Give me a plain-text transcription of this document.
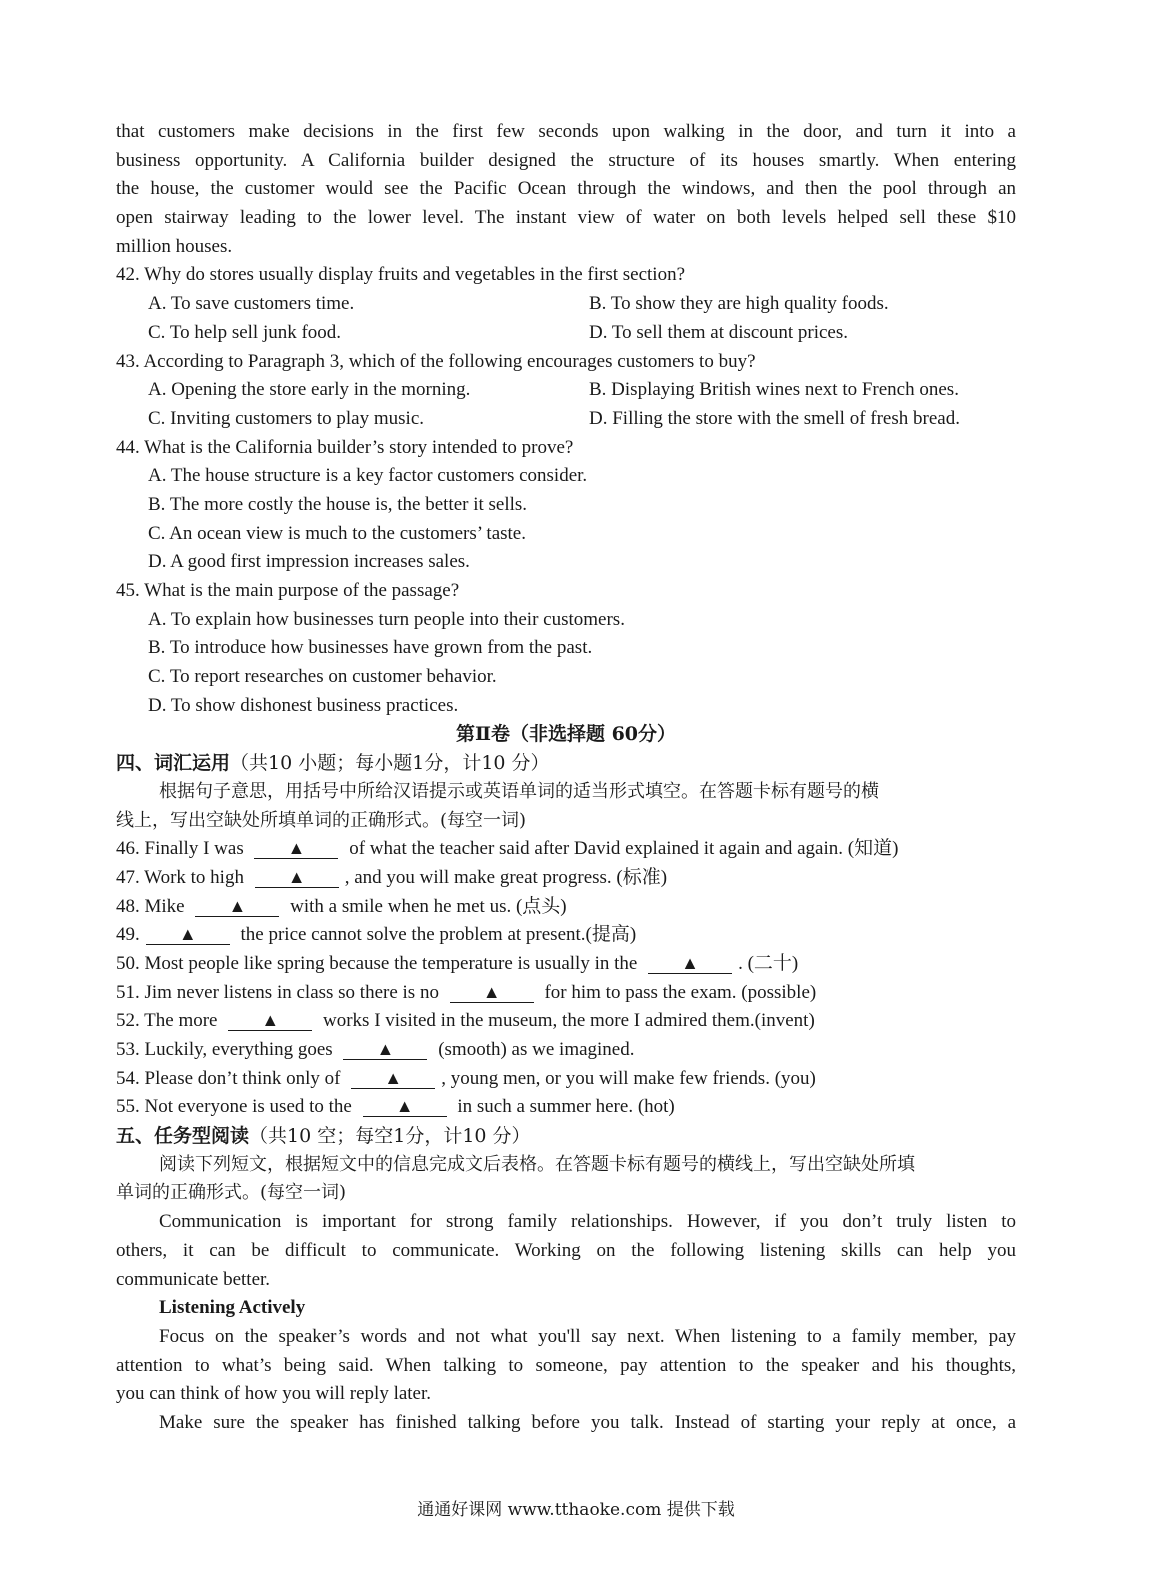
that customers make decisions in the first few seconds upon walking in the door, and turn it into a
business opportunity. A California builder designed the structure of its houses smartly. When entering
the house, the customer would see the Pacific Ocean through the windows, and then the pool through an
open stairway leading to the lower level. The instant view of water on both levels helped sell these $10
million houses.
42. Why do stores usually display fruits and vegetables in the first section?
A. To save customers time.	B. To show they are high quality foods.
C. To help sell junk food.	D. To sell them at discount prices.
43. According to Paragraph 3, which of the following encourages customers to buy?
A. Opening the store early in the morning.	B. Displaying British wines next to French ones.
C. Inviting customers to play music.	D. Filling the store with the smell of fresh bread.
44. What is the California builder’s story intended to prove?
A. The house structure is a key factor customers consider.
B. The more costly the house is, the better it sells.
C. An ocean view is much to the customers’ taste.
D. A good first impression increases sales.
45. What is the main purpose of the passage?
A. To explain how businesses turn people into their customers.
B. To introduce how businesses have grown from the past.
C. To report researches on customer behavior.
D. To show dishonest business practices.
第Ⅱ卷（非选择题 60分）
四、词汇运用（共10 小题；每小题1分，计10 分）
根据句子意思，用括号中所给汉语提示或英语单词的适当形式填空。在答题卡标有题号的横
线上，写出空缺处所填单词的正确形式。(每空一词)
46. Finally I was ▲ of what the teacher said after David explained it again and again. (知道)
47. Work to high ▲ , and you will make great progress. (标准)
48. Mike ▲ with a smile when he met us. (点头)
49. ▲ the price cannot solve the problem at present.(提高)
50. Most people like spring because the temperature is usually in the ▲ . (二十)
51. Jim never listens in class so there is no ▲ for him to pass the exam. (possible)
52. The more ▲ works I visited in the museum, the more I admired them.(invent)
53. Luckily, everything goes ▲ (smooth) as we imagined.
54. Please don’t think only of ▲ , young men, or you will make few friends. (you)
55. Not everyone is used to the ▲ in such a summer here. (hot)
五、任务型阅读（共10 空；每空1分，计10 分）
阅读下列短文，根据短文中的信息完成文后表格。在答题卡标有题号的横线上，写出空缺处所填
单词的正确形式。(每空一词)
Communication is important for strong family relationships. However, if you don’t truly listen to
others, it can be difficult to communicate. Working on the following listening skills can help you
communicate better.
Listening Actively
Focus on the speaker’s words and not what you'll say next. When listening to a family member, pay
attention to what’s being said. When talking to someone, pay attention to the speaker and his thoughts,
you can think of how you will reply later.
Make sure the speaker has finished talking before you talk. Instead of starting your reply at once, a
通通好课网 www.tthaoke.com 提供下载
